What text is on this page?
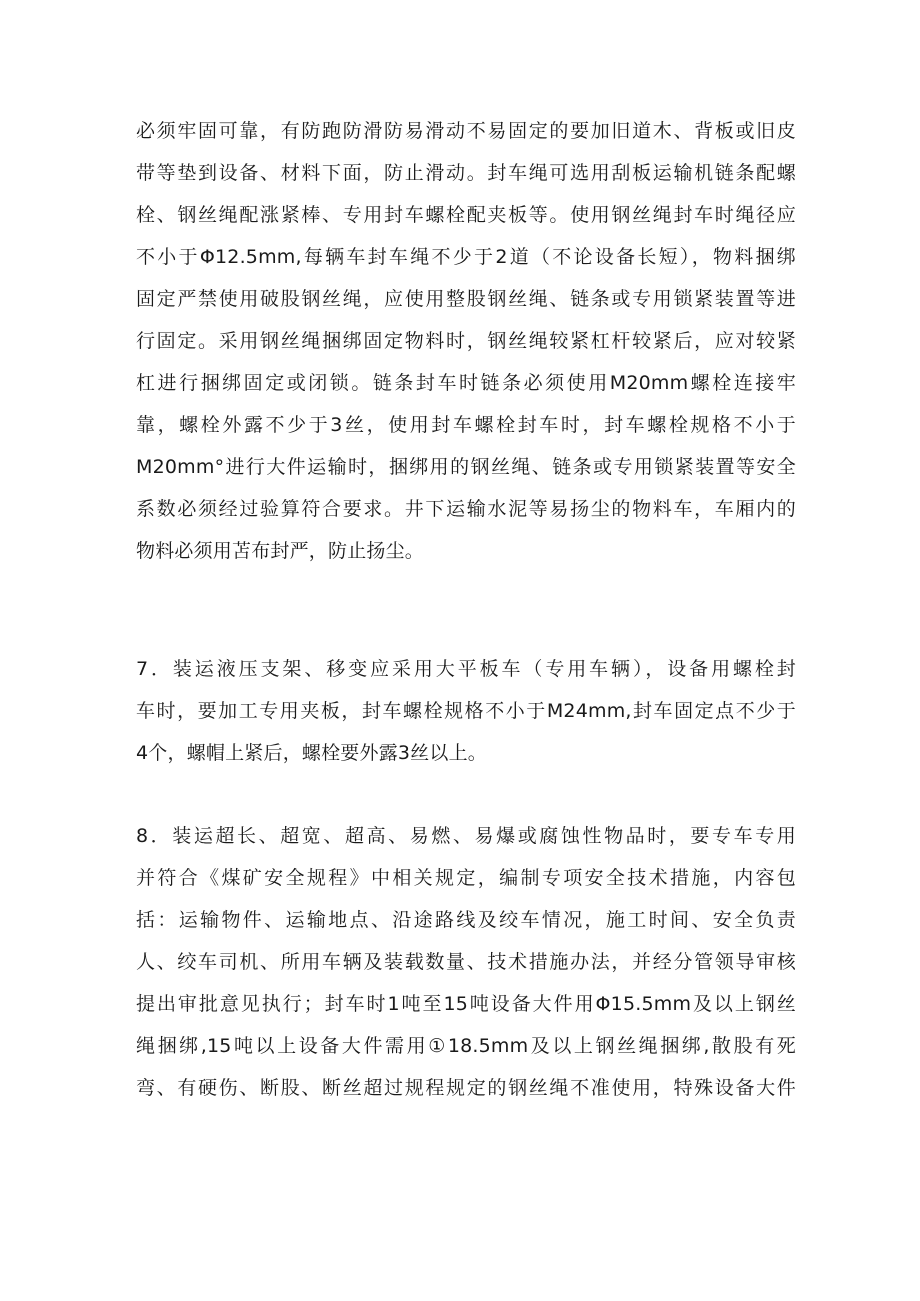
必须牢固可靠，有防跑防滑防易滑动不易固定的要加旧道木、背板或旧皮
带等垫到设备、材料下面，防止滑动。封车绳可选用刮板运输机链条配螺
栓、钢丝绳配涨紧棒、专用封车螺栓配夹板等。使用钢丝绳封车时绳径应
不小于Φ12.5mm,每辆车封车绳不少于2道（不论设备长短），物料捆绑
固定严禁使用破股钢丝绳，应使用整股钢丝绳、链条或专用锁紧装置等进
行固定。采用钢丝绳捆绑固定物料时，钢丝绳较紧杠杆较紧后，应对较紧
杠进行捆绑固定或闭锁。链条封车时链条必须使用M20mm螺栓连接牢
靠，螺栓外露不少于3丝，使用封车螺栓封车时，封车螺栓规格不小于
M20mm°进行大件运输时，捆绑用的钢丝绳、链条或专用锁紧装置等安全
系数必须经过验算符合要求。井下运输水泥等易扬尘的物料车，车厢内的
物料必须用苫布封严，防止扬尘。
7．装运液压支架、移变应采用大平板车（专用车辆），设备用螺栓封
车时，要加工专用夹板，封车螺栓规格不小于M24mm,封车固定点不少于
4个，螺帽上紧后，螺栓要外露3丝以上。
8．装运超长、超宽、超高、易燃、易爆或腐蚀性物品时，要专车专用
并符合《煤矿安全规程》中相关规定，编制专项安全技术措施，内容包
括：运输物件、运输地点、沿途路线及绞车情况，施工时间、安全负责
人、绞车司机、所用车辆及装载数量、技术措施办法，并经分管领导审核
提出审批意见执行；封车时1吨至15吨设备大件用Φ15.5mm及以上钢丝
绳捆绑,15吨以上设备大件需用①18.5mm及以上钢丝绳捆绑,散股有死
弯、有硬伤、断股、断丝超过规程规定的钢丝绳不准使用，特殊设备大件
